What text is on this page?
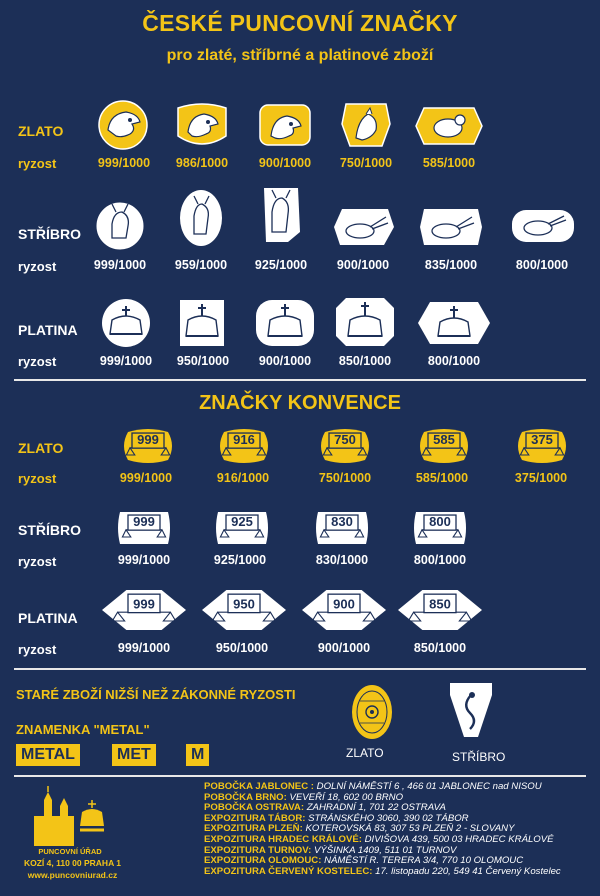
ČESKÉ PUNCOVNÍ ZNAČKY
pro zlaté, stříbrné a platinové zboží
ZLATO
ryzost	999/1000	986/1000	900/1000	750/1000	585/1000
STŘÍBRO
ryzost	999/1000	959/1000	925/1000	900/1000	835/1000	800/1000
PLATINA
ryzost	999/1000	950/1000	900/1000	850/1000	800/1000
ZNAČKY KONVENCE
ZLATO
ryzost	999/1000	916/1000	750/1000	585/1000	375/1000
STŘÍBRO
ryzost	999/1000	925/1000	830/1000	800/1000
PLATINA
ryzost	999/1000	950/1000	900/1000	850/1000
STARÉ ZBOŽÍ NIŽŠÍ NEŽ ZÁKONNÉ RYZOSTI
ZLATO	STŘÍBRO
ZNAMENKA "METAL"
METAL	MET	M
PUNCOVNÍ ÚŘAD
KOZÍ 4, 110 00 PRAHA 1
www.puncovniurad.cz
POBOČKA JABLONEC : DOLNÍ NÁMĚSTÍ 6 , 466 01 JABLONEC nad NISOU
POBOČKA BRNO: VEVEŘÍ 18, 602 00 BRNO
POBOČKA OSTRAVA: ZAHRADNÍ 1, 701 22 OSTRAVA
EXPOZITURA TÁBOR: STRÁNSKÉHO 3060, 390 02 TÁBOR
EXPOZITURA PLZEŇ: KOTEROVSKÁ 83, 307 53 PLZEŇ 2 - SLOVANY
EXPOZITURA HRADEC KRÁLOVÉ: DIVIŠOVA 439, 500 03 HRADEC KRÁLOVÉ
EXPOZITURA TURNOV: VÝŠINKA 1409, 511 01 TURNOV
EXPOZITURA OLOMOUC: NÁMĚSTÍ R. TERERA 3/4, 770 10 OLOMOUC
EXPOZITURA ČERVENÝ KOSTELEC: 17. listopadu 220, 549 41 Červený Kostelec
999	916	750	585	375
999	925	830	800
999	950	900	850
